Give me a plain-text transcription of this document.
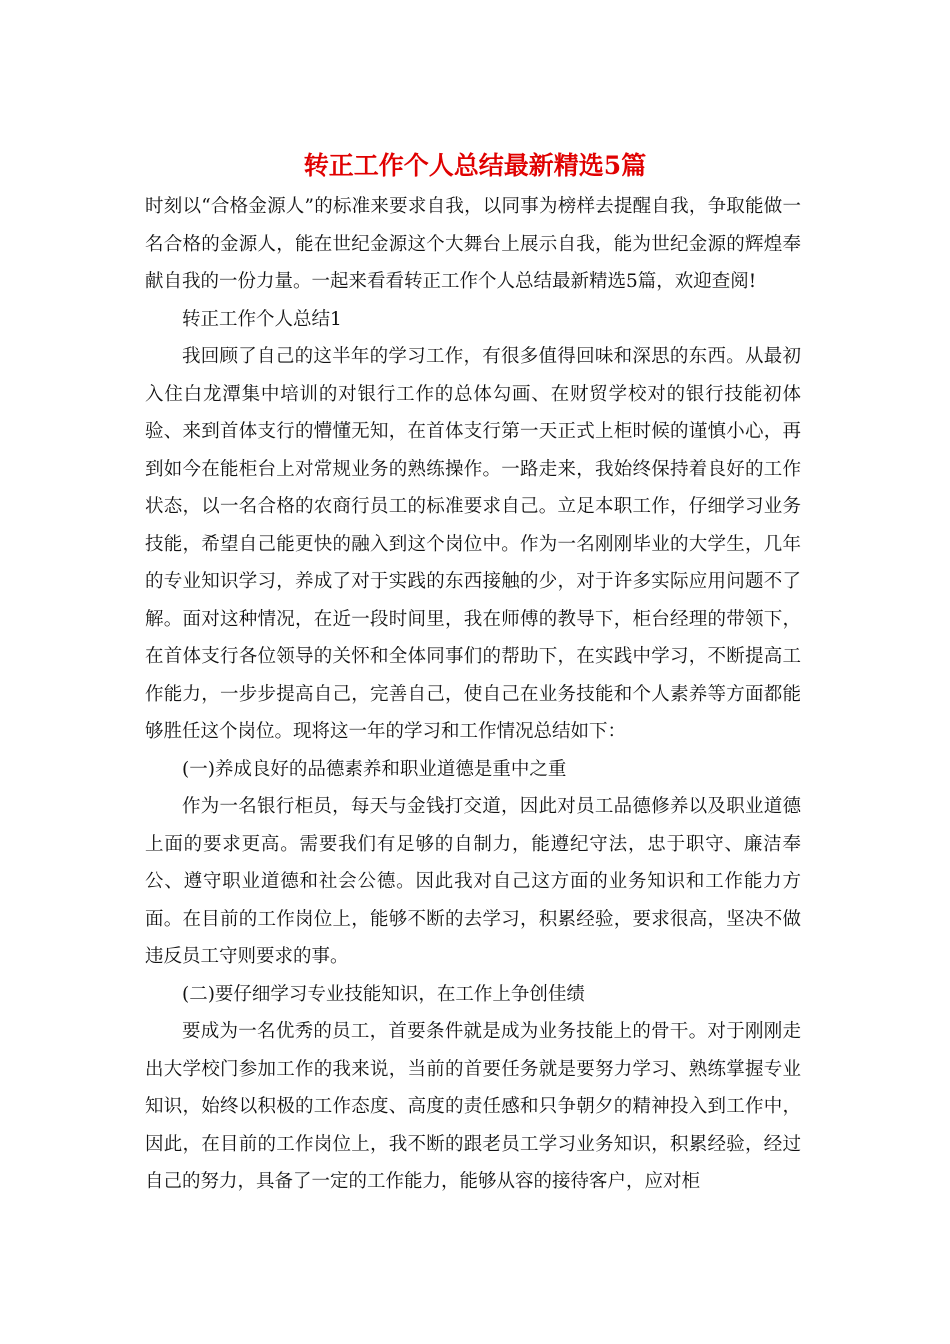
转正工作个人总结最新精选5篇

时刻以“合格金源人”的标准来要求自我，以同事为榜样去提醒自我，争取能做一名合格的金源人，能在世纪金源这个大舞台上展示自我，能为世纪金源的辉煌奉献自我的一份力量。一起来看看转正工作个人总结最新精选5篇，欢迎查阅!

转正工作个人总结1

我回顾了自己的这半年的学习工作，有很多值得回味和深思的东西。从最初入住白龙潭集中培训的对银行工作的总体勾画、在财贸学校对的银行技能初体验、来到首体支行的懵懂无知，在首体支行第一天正式上柜时候的谨慎小心，再到如今在能柜台上对常规业务的熟练操作。一路走来，我始终保持着良好的工作状态，以一名合格的农商行员工的标准要求自己。立足本职工作，仔细学习业务技能，希望自己能更快的融入到这个岗位中。作为一名刚刚毕业的大学生，几年的专业知识学习，养成了对于实践的东西接触的少，对于许多实际应用问题不了解。面对这种情况，在近一段时间里，我在师傅的教导下，柜台经理的带领下，在首体支行各位领导的关怀和全体同事们的帮助下，在实践中学习，不断提高工作能力，一步步提高自己，完善自己，使自己在业务技能和个人素养等方面都能够胜任这个岗位。现将这一年的学习和工作情况总结如下：

(一)养成良好的品德素养和职业道德是重中之重

作为一名银行柜员，每天与金钱打交道，因此对员工品德修养以及职业道德上面的要求更高。需要我们有足够的自制力，能遵纪守法，忠于职守、廉洁奉公、遵守职业道德和社会公德。因此我对自己这方面的业务知识和工作能力方面。在目前的工作岗位上，能够不断的去学习，积累经验，要求很高，坚决不做违反员工守则要求的事。

(二)要仔细学习专业技能知识，在工作上争创佳绩

要成为一名优秀的员工，首要条件就是成为业务技能上的骨干。对于刚刚走出大学校门参加工作的我来说，当前的首要任务就是要努力学习、熟练掌握专业知识，始终以积极的工作态度、高度的责任感和只争朝夕的精神投入到工作中，因此，在目前的工作岗位上，我不断的跟老员工学习业务知识，积累经验，经过自己的努力，具备了一定的工作能力，能够从容的接待客户，应对柜
